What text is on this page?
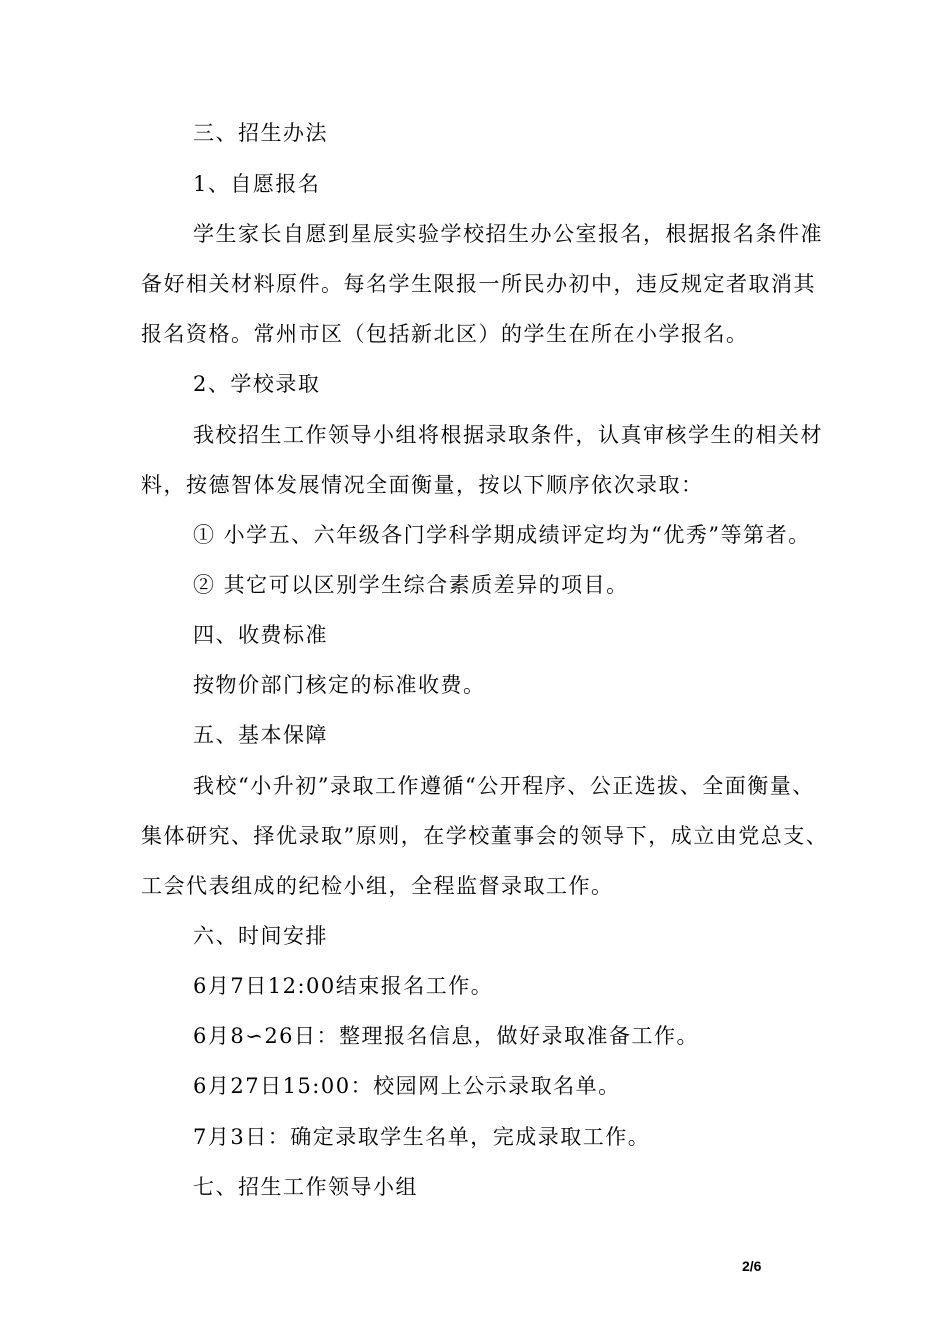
三、招生办法
1、自愿报名
学生家长自愿到星辰实验学校招生办公室报名，根据报名条件准
备好相关材料原件。每名学生限报一所民办初中，违反规定者取消其
报名资格。常州市区（包括新北区）的学生在所在小学报名。
2、学校录取
我校招生工作领导小组将根据录取条件，认真审核学生的相关材
料，按德智体发展情况全面衡量，按以下顺序依次录取：
① 小学五、六年级各门学科学期成绩评定均为“优秀”等第者。
② 其它可以区别学生综合素质差异的项目。
四、收费标准
按物价部门核定的标准收费。
五、基本保障
我校“小升初”录取工作遵循“公开程序、公正选拔、全面衡量、
集体研究、择优录取”原则，在学校董事会的领导下，成立由党总支、
工会代表组成的纪检小组，全程监督录取工作。
六、时间安排
6月7日12:00结束报名工作。
6月8∽26日：整理报名信息，做好录取准备工作。
6月27日15:00：校园网上公示录取名单。
7月3日：确定录取学生名单，完成录取工作。
七、招生工作领导小组
2/6
